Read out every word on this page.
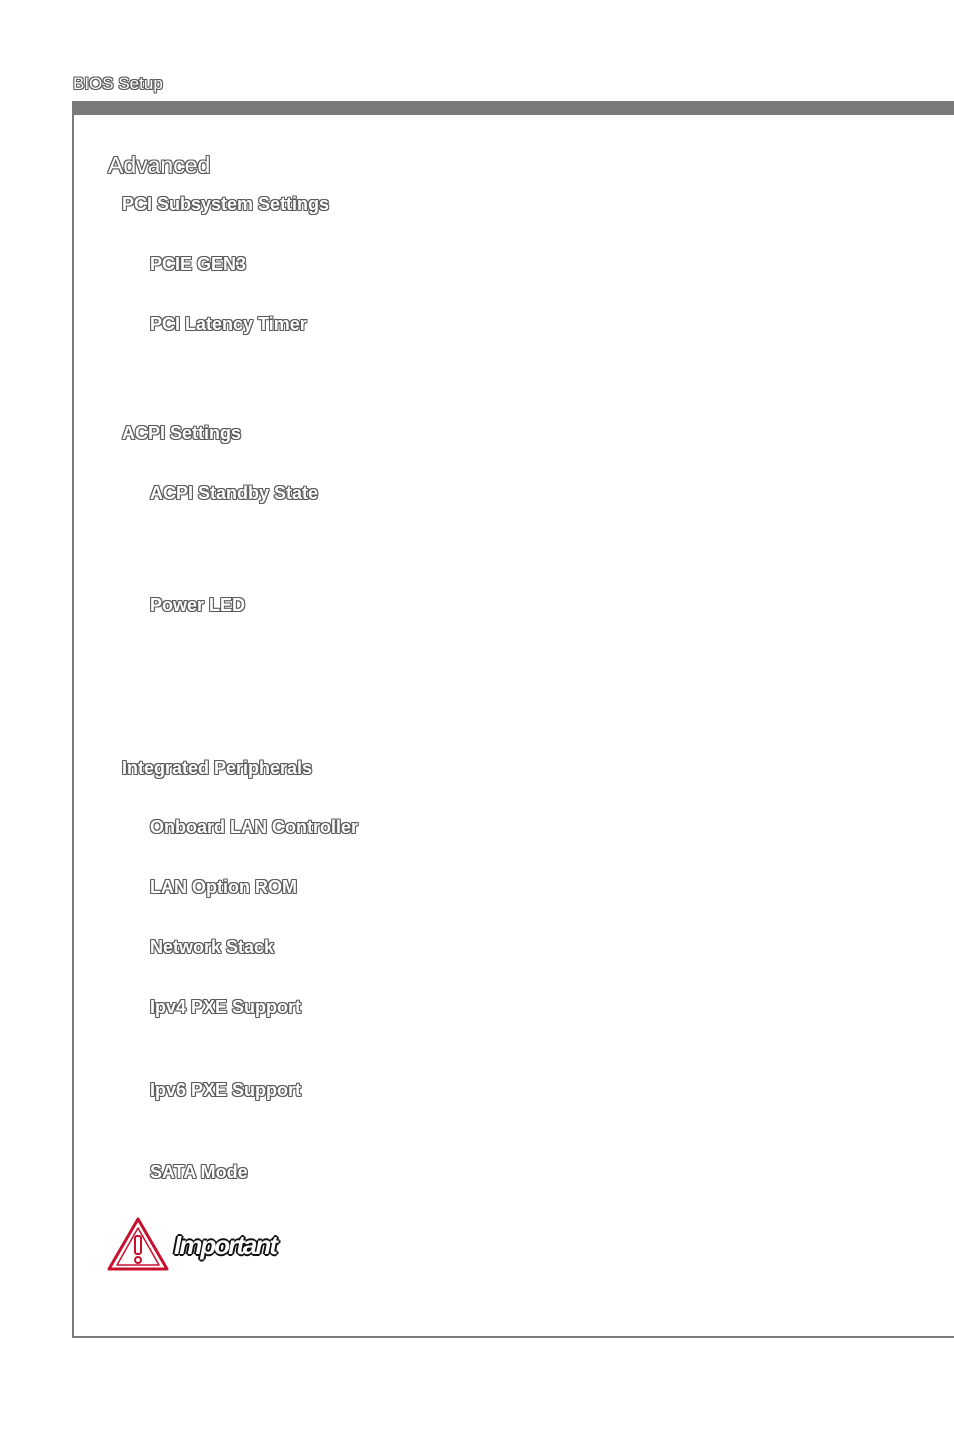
BIOS Setup
Advanced
PCI Subsystem Settings
PCIE GEN3
PCI Latency Timer
ACPI Settings
ACPI Standby State
Power LED
Integrated Peripherals
Onboard LAN Controller
LAN Option ROM
Network Stack
Ipv4 PXE Support
Ipv6 PXE Support
SATA Mode
Important
